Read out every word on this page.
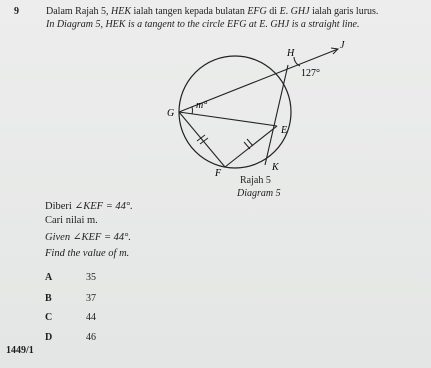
9	Dalam Rajah 5, HEK ialah tangen kepada bulatan EFG di E. GHJ ialah garis lurus.
In Diagram 5, HEK is a tangent to the circle EFG at E. GHJ is a straight line.
J
H
127°
G
m°
E
F
K
Rajah 5
Diagram 5
Diberi ∠KEF = 44°.
Cari nilai m.
Given ∠KEF = 44°.
Find the value of m.
A	35
B	37
C	44
D	46
1449/1
